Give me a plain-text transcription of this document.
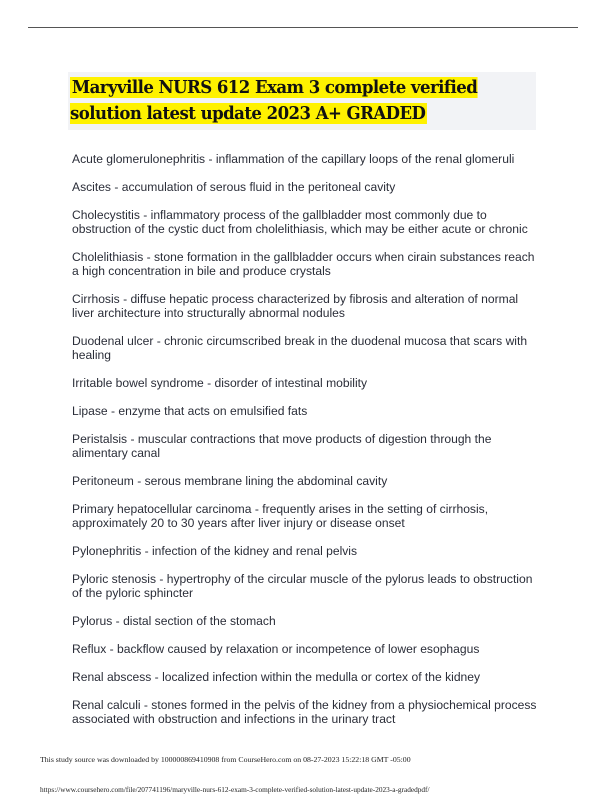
Maryville NURS 612 Exam 3 complete verified solution latest update 2023 A+ GRADED
Acute glomerulonephritis - inflammation of the capillary loops of the renal glomeruli
Ascites - accumulation of serous fluid in the peritoneal cavity
Cholecystitis - inflammatory process of the gallbladder most commonly due to obstruction of the cystic duct from cholelithiasis, which may be either acute or chronic
Cholelithiasis - stone formation in the gallbladder occurs when cirain substances reach a high concentration in bile and produce crystals
Cirrhosis - diffuse hepatic process characterized by fibrosis and alteration of normal liver architecture into structurally abnormal nodules
Duodenal ulcer - chronic circumscribed break in the duodenal mucosa that scars with healing
Irritable bowel syndrome - disorder of intestinal mobility
Lipase - enzyme that acts on emulsified fats
Peristalsis - muscular contractions that move products of digestion through the alimentary canal
Peritoneum - serous membrane lining the abdominal cavity
Primary hepatocellular carcinoma - frequently arises in the setting of cirrhosis, approximately 20 to 30 years after liver injury or disease onset
Pylonephritis - infection of the kidney and renal pelvis
Pyloric stenosis - hypertrophy of the circular muscle of the pylorus leads to obstruction of the pyloric sphincter
Pylorus - distal section of the stomach
Reflux - backflow caused by relaxation or incompetence of lower esophagus
Renal abscess - localized infection within the medulla or cortex of the kidney
Renal calculi - stones formed in the pelvis of the kidney from a physiochemical process associated with obstruction and infections in the urinary tract
This study source was downloaded by 100000869410908 from CourseHero.com on 08-27-2023 15:22:18 GMT -05:00
https://www.coursehero.com/file/207741196/maryville-nurs-612-exam-3-complete-verified-solution-latest-update-2023-a-gradedpdf/
